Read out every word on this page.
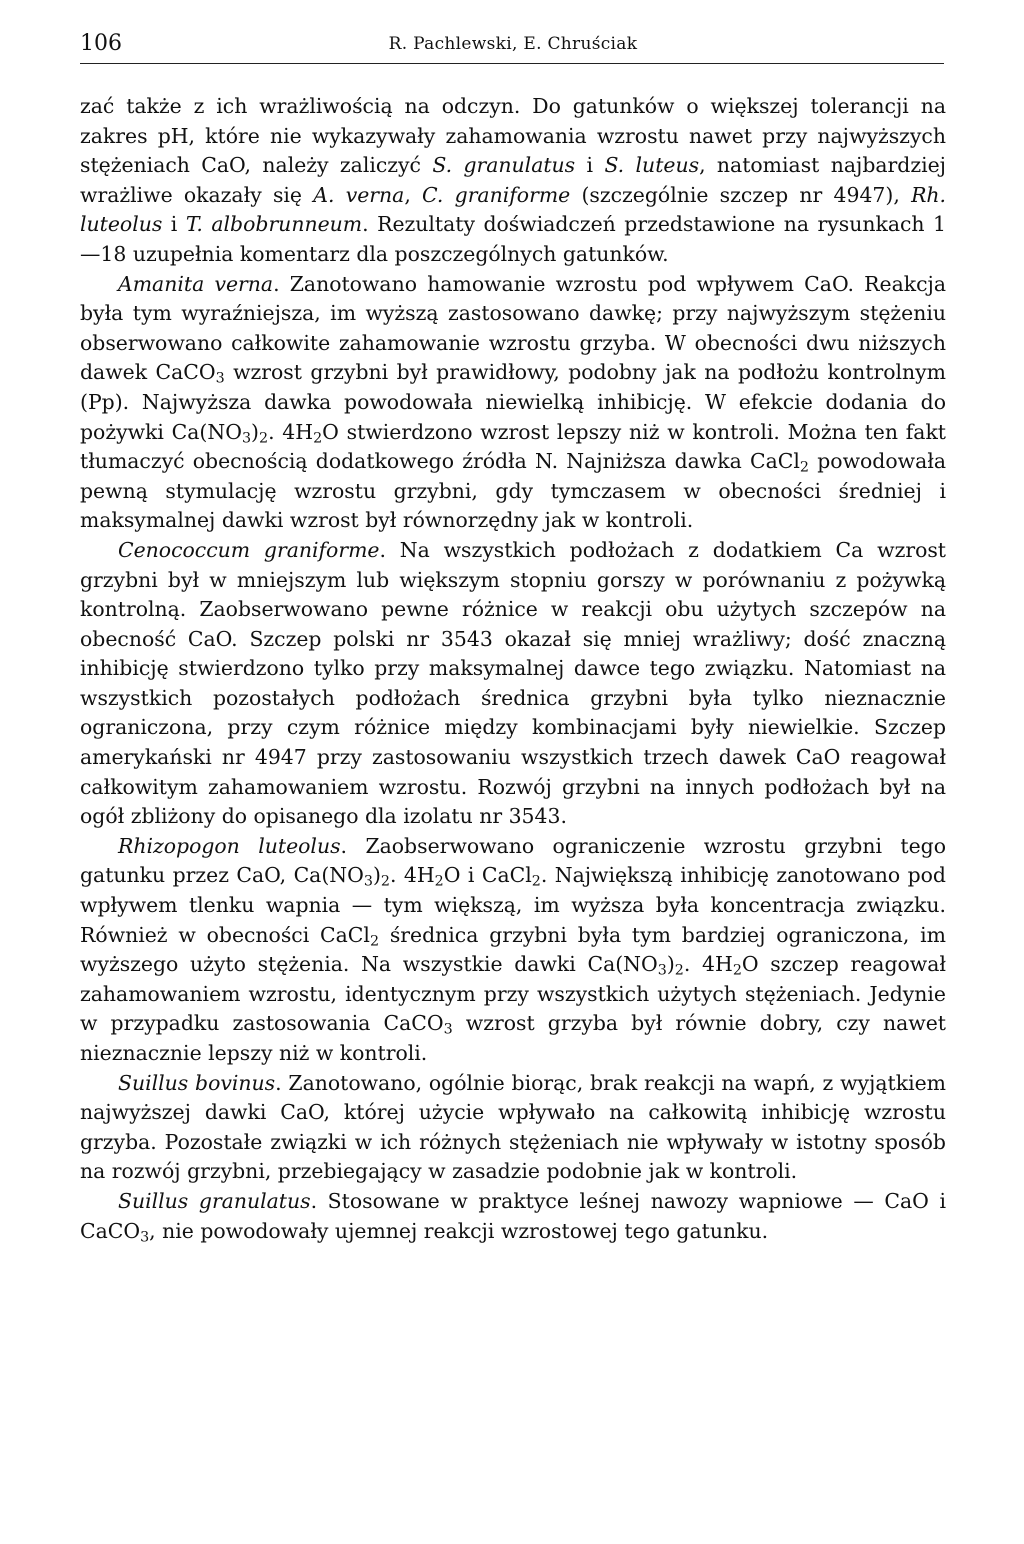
106	R. Pachlewski, E. Chruściak

zać także z ich wrażliwością na odczyn. Do gatunków o większej tolerancji na zakres pH, które nie wykazywały zahamowania wzrostu nawet przy najwyższych stężeniach CaO, należy zaliczyć S. granulatus i S. luteus, natomiast najbardziej wrażliwe okazały się A. verna, C. graniforme (szczególnie szczep nr 4947), Rh. luteolus i T. albobrunneum. Rezultaty doświadczeń przedstawione na rysunkach 1—18 uzupełnia komentarz dla poszczególnych gatunków.

Amanita verna. Zanotowano hamowanie wzrostu pod wpływem CaO. Reakcja była tym wyraźniejsza, im wyższą zastosowano dawkę; przy najwyższym stężeniu obserwowano całkowite zahamowanie wzrostu grzyba. W obecności dwu niższych dawek CaCO$_3$ wzrost grzybni był prawidłowy, podobny jak na podłożu kontrolnym (Pp). Najwyższa dawka powodowała niewielką inhibicję. W efekcie dodania do pożywki $Ca(NO_3)_2$. $4H_2O$ stwierdzono wzrost lepszy niż w kontroli. Można ten fakt tłumaczyć obecnością dodatkowego źródła N. Najniższa dawka CaCl$_2$ powodowała pewną stymulację wzrostu grzybni, gdy tymczasem w obecności średniej i maksymalnej dawki wzrost był równorzędny jak w kontroli.

Cenococcum graniforme. Na wszystkich podłożach z dodatkiem Ca wzrost grzybni był w mniejszym lub większym stopniu gorszy w porównaniu z pożywką kontrolną. Zaobserwowano pewne różnice w reakcji obu użytych szczepów na obecność CaO. Szczep polski nr 3543 okazał się mniej wrażliwy; dość znaczną inhibicję stwierdzono tylko przy maksymalnej dawce tego związku. Natomiast na wszystkich pozostałych podłożach średnica grzybni była tylko nieznacznie ograniczona, przy czym różnice między kombinacjami były niewielkie. Szczep amerykański nr 4947 przy zastosowaniu wszystkich trzech dawek CaO reagował całkowitym zahamowaniem wzrostu. Rozwój grzybni na innych podłożach był na ogół zbliżony do opisanego dla izolatu nr 3543.

Rhizopogon luteolus. Zaobserwowano ograniczenie wzrostu grzybni tego gatunku przez CaO, $Ca(NO_3)_2$. $4H_2O$ i CaCl$_2$. Największą inhibicję zanotowano pod wpływem tlenku wapnia — tym większą, im wyższa była koncentracja związku. Również w obecności CaCl$_2$ średnica grzybni była tym bardziej ograniczona, im wyższego użyto stężenia. Na wszystkie dawki $Ca(NO_3)_2$. $4H_2O$ szczep reagował zahamowaniem wzrostu, identycznym przy wszystkich użytych stężeniach. Jedynie w przypadku zastosowania CaCO$_3$ wzrost grzyba był równie dobry, czy nawet nieznacznie lepszy niż w kontroli.

Suillus bovinus. Zanotowano, ogólnie biorąc, brak reakcji na wapń, z wyjątkiem najwyższej dawki CaO, której użycie wpływało na całkowitą inhibicję wzrostu grzyba. Pozostałe związki w ich różnych stężeniach nie wpływały w istotny sposób na rozwój grzybni, przebiegający w zasadzie podobnie jak w kontroli.

Suillus granulatus. Stosowane w praktyce leśnej nawozy wapniowe — CaO i CaCO$_3$, nie powodowały ujemnej reakcji wzrostowej tego gatunku.
